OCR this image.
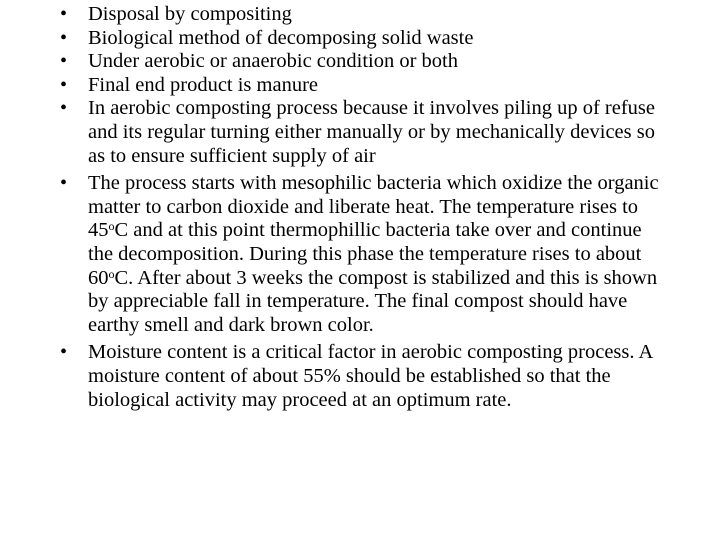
•	Disposal by compositing
•	Biological method of decomposing solid waste
•	Under aerobic or anaerobic condition or both
•	Final end product is manure
•	In aerobic composting process because it involves piling up of refuse and its regular turning either manually or by mechanically devices so as to ensure sufficient supply of air
•	The process starts with mesophilic bacteria which oxidize the organic matter to carbon dioxide and liberate heat. The temperature rises to 45$^o$C and at this point thermophillic bacteria take over and continue the decomposition. During this phase the temperature rises to about 60$^o$C. After about 3 weeks the compost is stabilized and this is shown by appreciable fall in temperature. The final compost should have earthy smell and dark brown color.
•	Moisture content is a critical factor in aerobic composting process. A moisture content of about 55% should be established so that the biological activity may proceed at an optimum rate.
